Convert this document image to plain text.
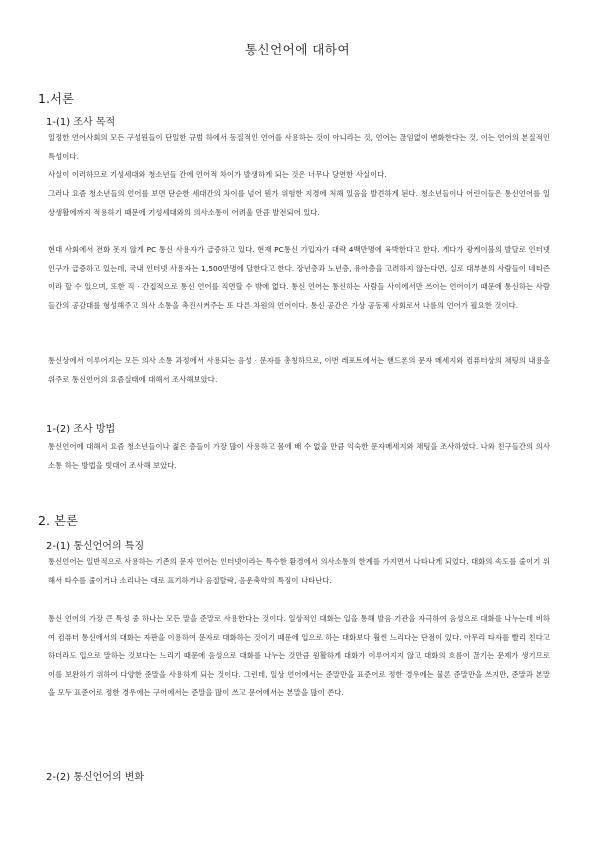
통신언어에 대하여
1.서론
1-(1) 조사 목적

일정한 언어사회의 모든 구성원들이 단일한 규범 하에서 동질적인 언어를 사용하는 것이 아니라는 것, 언어는 끊임없이 변화한다는 것, 이는 언어의 본질적인 특성이다.

사실이 이러하므로 기성세대와 청소년들 간에 언어적 차이가 발생하게 되는 것은 너무나 당연한 사실이다.

그러나 요즘 청소년들의 언어를 보면 단순한 세대간의 차이를 넘어 뭔가 위험한 지경에 처해 있음을 발견하게 된다. 청소년들이나 어린이들은 통신언어를 일상생활에까지 적용하기 때문에 기성세대와의 의사소통이 어려울 만큼 발전되어 있다.

현대 사회에서 전화 못지 않게 PC 통신 사용자가 급증하고 있다. 현재 PC통신 가입자가 대략 4백만명에 육박한다고 한다. 게다가 광케이블의 발달로 인터넷 인구가 급증하고 있는데, 국내 인터넷 사용자는 1,500만명에 달한다고 한다. 장년층과 노년층, 유아층을 고려하지 않는다면, 실로 대부분의 사람들이 네티즌이라 할 수 있으며, 또한 직 · 간접적으로 통신 언어를 직면할 수 밖에 없다. 통신 언어는 통신하는 사람들 사이에서만 쓰이는 언어이기 때문에 통신하는 사람들간의 공감대를 형성해주고 의사 소통을 촉진시켜주는 또 다른 차원의 언어이다. 통신 공간은 가상 공동체 사회로서 나름의 언어가 필요한 것이다.

통신상에서 이루어지는 모든 의사 소통 과정에서 사용되는 음성 · 문자를 총칭하므로, 이번 레포트에서는 핸드폰의 문자 메세지와 컴퓨터상의 채팅의 내용을 위주로 통신언어의 요즘실태에 대해서 조사해보았다.

1-(2) 조사 방법

통신언어에 대해서 요즘 청소년들이나 젊은 층들이 가장 많이 사용하고 몸에 배 수 없을 만큼 익숙한 문자메세지와 채팅을 조사하였다. 나와 친구들간의 의사소통 하는 방법을 빗대어 조사해 보았다.

2. 본론
2-(1) 통신언어의 특징

통신언어는 일반적으로 사용하는 기존의 문자 언어는 인터넷이라는 특수한 환경에서 의사소통의 한계를 가지면서 나타나게 되었다. 대화의 속도를 줄이기 위해서 타수를 줄이거나 소리나는 대로 표기하거나 음절탈락, 음운축약의 특징이 나타난다.

통신 언어의 가장 큰 특성 중 하나는 모든 말을 준말로 사용한다는 것이다. 일상적인 대화는 입을 통해 발음 기관을 자극하여 음성으로 대화를 나누는데 비하여 컴퓨터 통신에서의 대화는 자판을 이용하여 문자로 대화하는 것이기 때문에 입으로 하는 대화보다 훨씬 느리다는 단점이 있다. 아무리 타자를 빨리 친다고 하더라도 입으로 말하는 것보다는 느리기 때문에 음성으로 대화를 나누는 것만큼 원활하게 대화가 이루어지지 않고 대화의 흐름이 끊기는 문제가 생기므로 이를 보완하기 위하여 다양한 준말을 사용하게 되는 것이다. 그런데, 일상 언어에서는 준말만을 표준어로 정한 경우에는 물론 준말만을 쓰지만, 준말과 본말을 모두 표준어로 정한 경우에는 구어에서는 준말을 많이 쓰고 문어에서는 본말을 많이 쓴다.

2-(2) 통신언어의 변화
